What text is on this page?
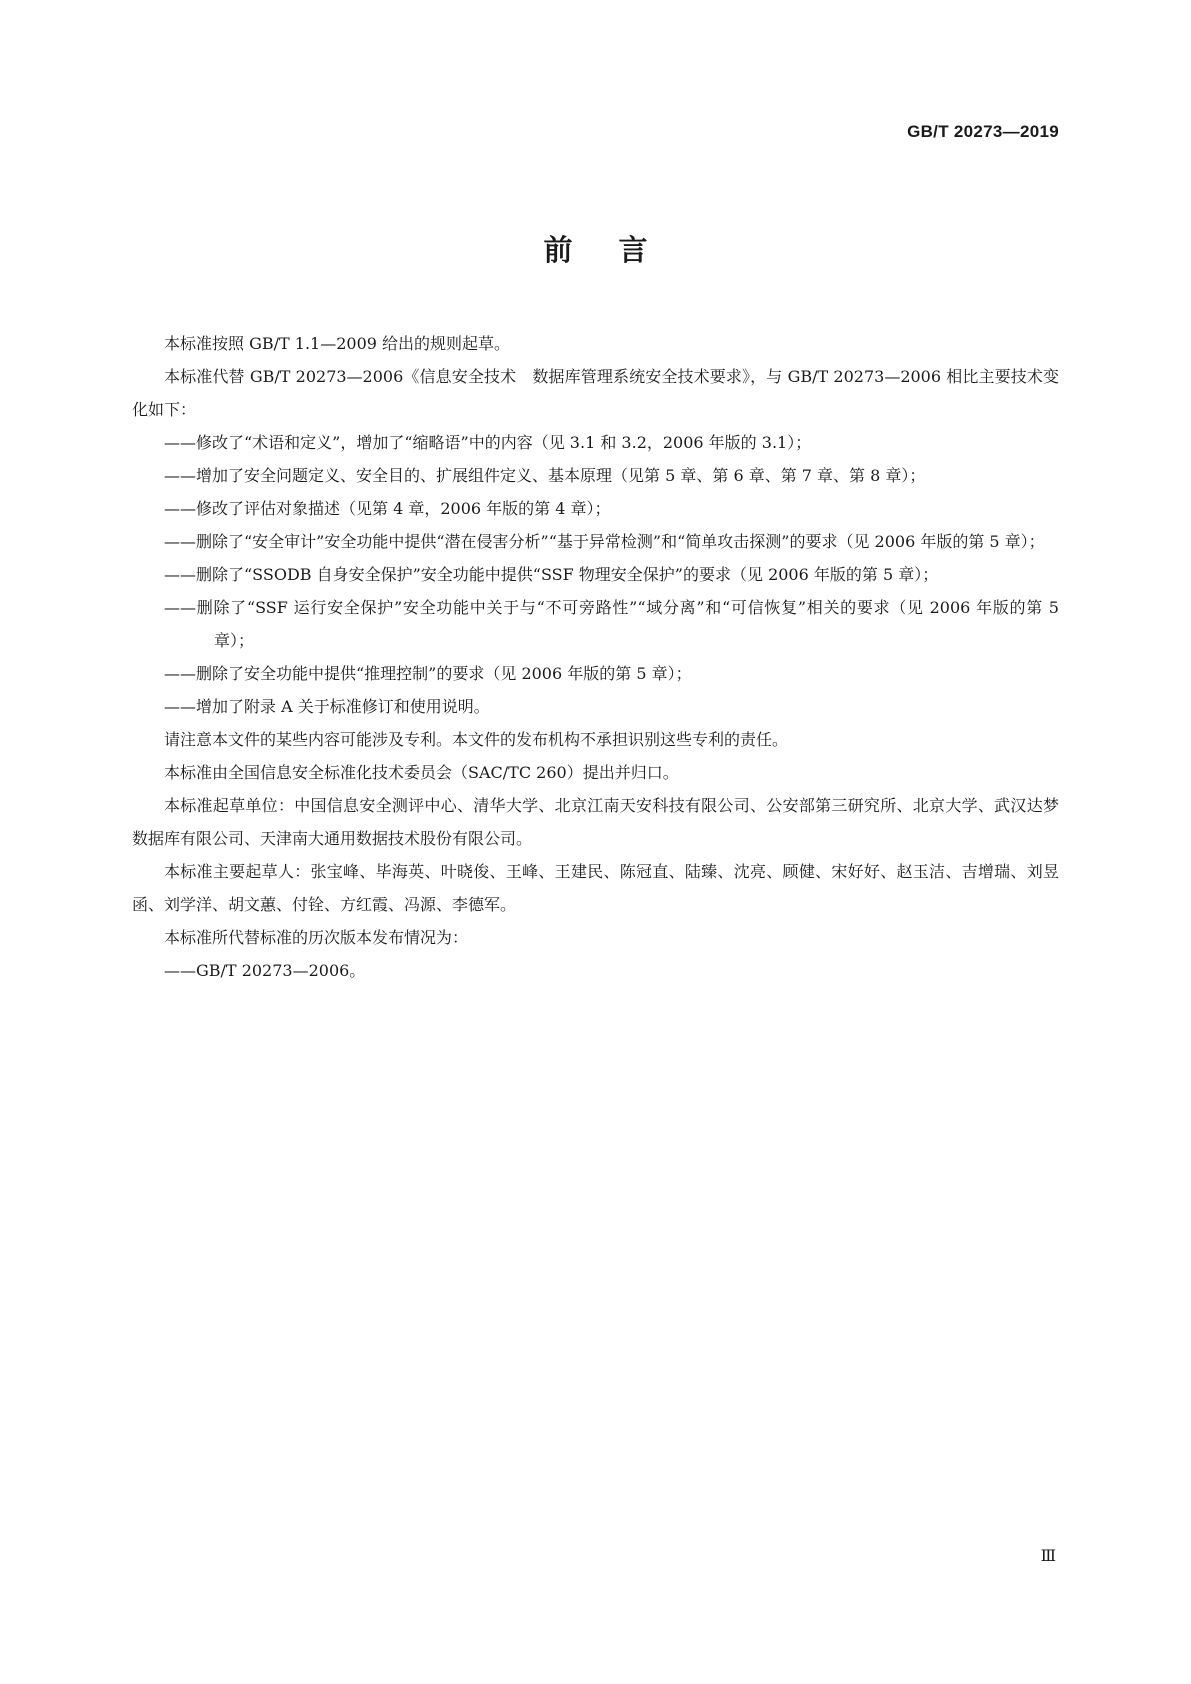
GB/T 20273—2019
前言

本标准按照 GB/T 1.1—2009 给出的规则起草。

本标准代替 GB/T 20273—2006《信息安全技术　数据库管理系统安全技术要求》，与 GB/T 20273—2006 相比主要技术变化如下：

——修改了“术语和定义”，增加了“缩略语”中的内容（见 3.1 和 3.2，2006 年版的 3.1）；

——增加了安全问题定义、安全目的、扩展组件定义、基本原理（见第 5 章、第 6 章、第 7 章、第 8 章）；

——修改了评估对象描述（见第 4 章，2006 年版的第 4 章）；

——删除了“安全审计”安全功能中提供“潜在侵害分析”“基于异常检测”和“简单攻击探测”的要求（见 2006 年版的第 5 章）；

——删除了“SSODB 自身安全保护”安全功能中提供“SSF 物理安全保护”的要求（见 2006 年版的第 5 章）；

——删除了“SSF 运行安全保护”安全功能中关于与“不可旁路性”“域分离”和“可信恢复”相关的要求（见 2006 年版的第 5 章）；

——删除了安全功能中提供“推理控制”的要求（见 2006 年版的第 5 章）；

——增加了附录 A 关于标准修订和使用说明。

请注意本文件的某些内容可能涉及专利。本文件的发布机构不承担识别这些专利的责任。

本标准由全国信息安全标准化技术委员会（SAC/TC 260）提出并归口。

本标准起草单位：中国信息安全测评中心、清华大学、北京江南天安科技有限公司、公安部第三研究所、北京大学、武汉达梦数据库有限公司、天津南大通用数据技术股份有限公司。

本标准主要起草人：张宝峰、毕海英、叶晓俊、王峰、王建民、陈冠直、陆臻、沈亮、顾健、宋好好、赵玉洁、吉增瑞、刘昱函、刘学洋、胡文蕙、付铨、方红霞、冯源、李德军。

本标准所代替标准的历次版本发布情况为：

——GB/T 20273—2006。

Ⅲ
